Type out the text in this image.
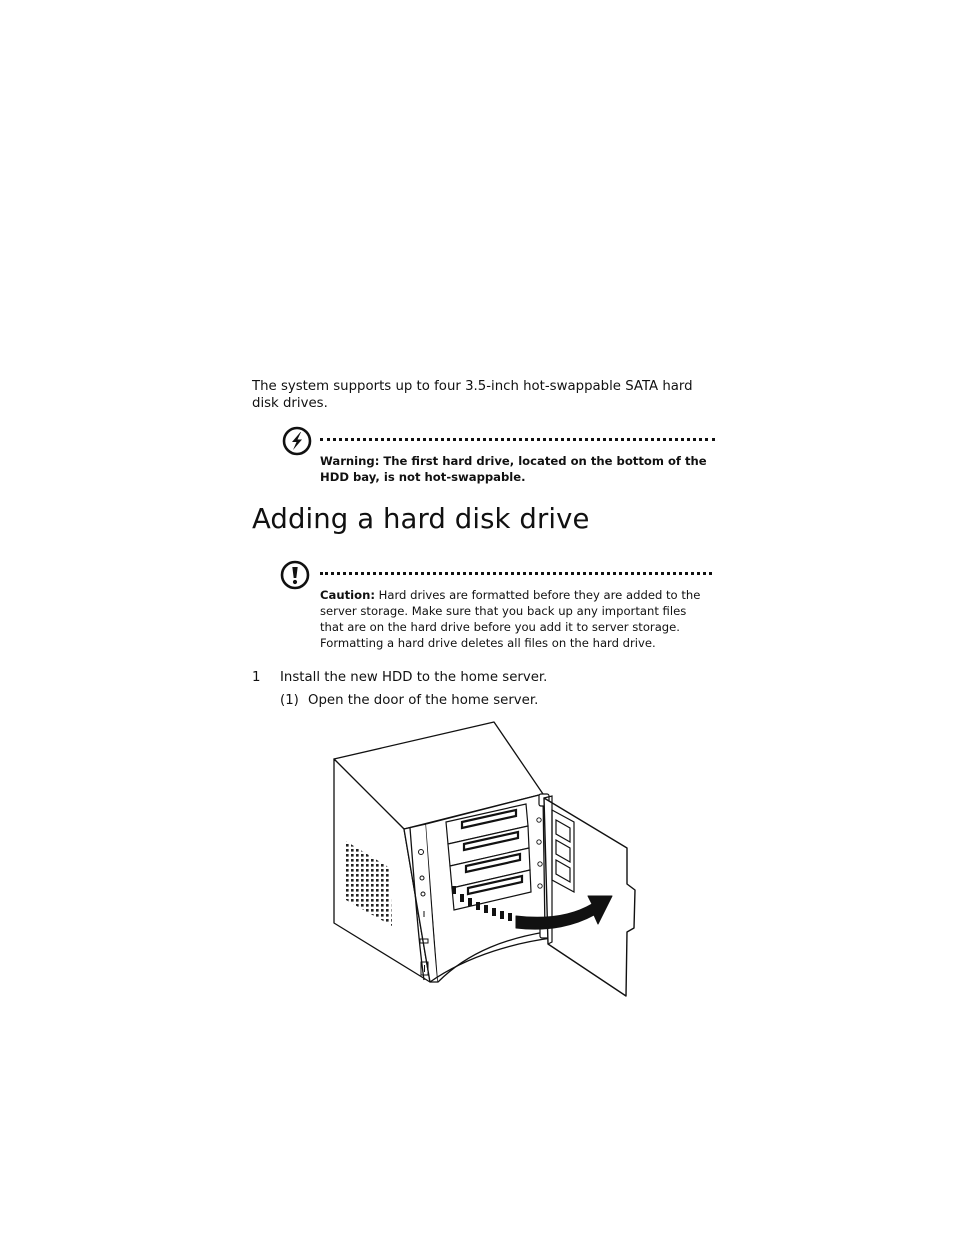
The system supports up to four 3.5-inch hot-swappable SATA hard disk drives.

Warning: The first hard drive, located on the bottom of the HDD bay, is not hot-swappable.

Adding a hard disk drive

Caution: Hard drives are formatted before they are added to the server storage. Make sure that you back up any important files that are on the hard drive before you add it to server storage. Formatting a hard drive deletes all files on the hard drive.

1 Install the new HDD to the home server.

(1) Open the door of the home server.
